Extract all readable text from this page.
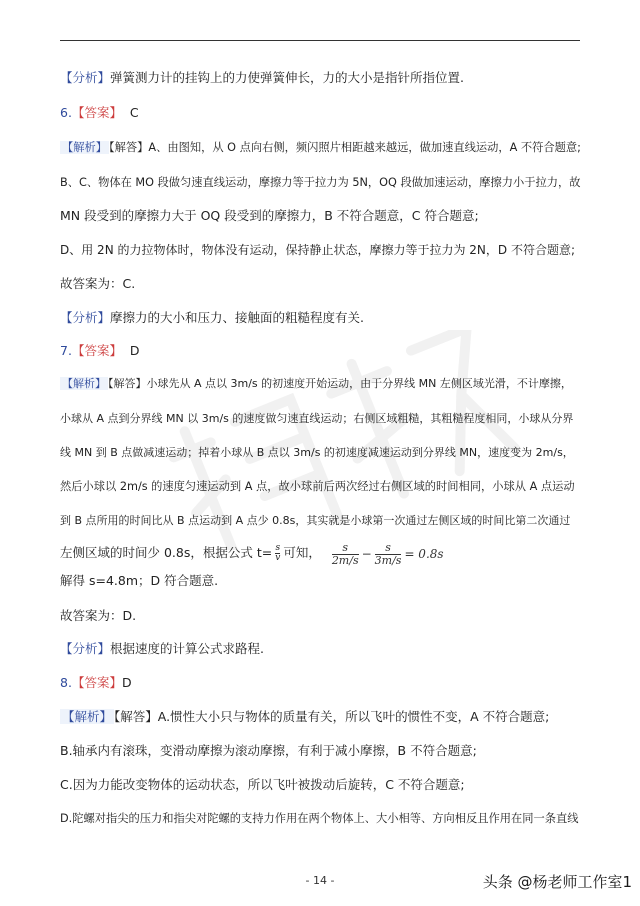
【分析】弹簧测力计的挂钩上的力使弹簧伸长，力的大小是指针所指位置.
6.【答案】 C
【解析】 【解答】A、由图知，从 O 点向右侧，频闪照片相距越来越远，做加速直线运动，A 不符合题意;
B、C、物体在 MO 段做匀速直线运动，摩擦力等于拉力为 5N，OQ 段做加速运动，摩擦力小于拉力，故
MN 段受到的摩擦力大于 OQ 段受到的摩擦力，B 不符合题意，C 符合题意;
D、用 2N 的力拉物体时，物体没有运动，保持静止状态，摩擦力等于拉力为 2N，D 不符合题意;
故答案为：C.
【分析】摩擦力的大小和压力、接触面的粗糙程度有关.
7.【答案】 D
【解析】 【解答】小球先从 A 点以 3m/s 的初速度开始运动，由于分界线 MN 左侧区域光滑，不计摩擦，
小球从 A 点到分界线 MN 以 3m/s 的速度做匀速直线运动；右侧区域粗糙，其粗糙程度相同，小球从分界
线 MN 到 B 点做减速运动；掉着小球从 B 点以 3m/s 的初速度减速运动到分界线 MN，速度变为 2m/s，
然后小球以 2m/s 的速度匀速运动到 A 点，故小球前后两次经过右侧区域的时间相同，小球从 A 点运动
到 B 点所用的时间比从 B 点运动到 A 点少 0.8s，其实就是小球第一次通过左侧区域的时间比第二次通过
左侧区域的时间少 0.8s，根据公式 $t= \frac{s}{v}$ 可知， $\frac{s}{2m/s} - \frac{s}{3m/s} = 0.8s$
解得 s=4.8m；D 符合题意.
故答案为：D.
【分析】根据速度的计算公式求路程.
8.【答案】D
【解析】 【解答】A.惯性大小只与物体的质量有关，所以飞叶的惯性不变，A 不符合题意;
B.轴承内有滚珠，变滑动摩擦为滚动摩擦，有利于减小摩擦，B 不符合题意;
C.因为力能改变物体的运动状态，所以飞叶被拨动后旋转，C 不符合题意;
D.陀螺对指尖的压力和指尖对陀螺的支持力作用在两个物体上、大小相等、方向相反且作用在同一条直线
- 14 -	头条 @杨老师工作室1
